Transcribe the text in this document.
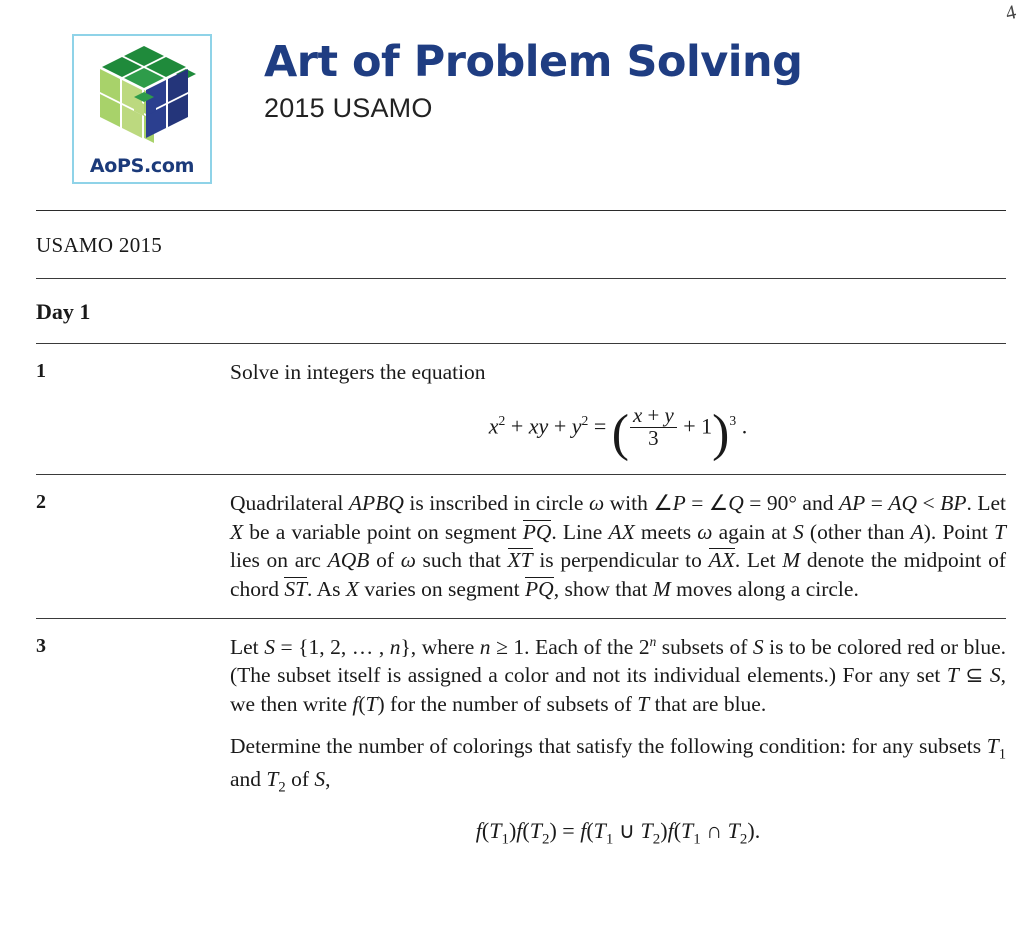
4
AoPS.com
Art of Problem Solving
2015 USAMO
USAMO 2015
Day 1
1	Solve in integers the equation

$x^2$ + xy + $y^2$ = ( $\frac{x + y}{3} + 1)^3$ .
2	Quadrilateral APBQ is inscribed in circle ω with ∠P = ∠Q = 90° and AP = AQ < BP. Let X be a variable point on segment PQ. Line AX meets ω again at S (other than A). Point T lies on arc AQB of ω such that XT is perpendicular to AX. Let M denote the midpoint of chord ST. As X varies on segment PQ, show that M moves along a circle.

3	Let S = {1, 2, … , n}, where n ≥ 1. Each of the 2$^n$ subsets of S is to be colored red or blue. (The subset itself is assigned a color and not its individual elements.) For any set T ⊆ S, we then write f(T) for the number of subsets of T that are blue.

Determine the number of colorings that satisfy the following condition: for any subsets $T_1$ and $T_2$ of S,

$f(T_1)f(T_2) = f(T_1$ ∪ $T_2)f(T_1$ ∩ $T_2$).
